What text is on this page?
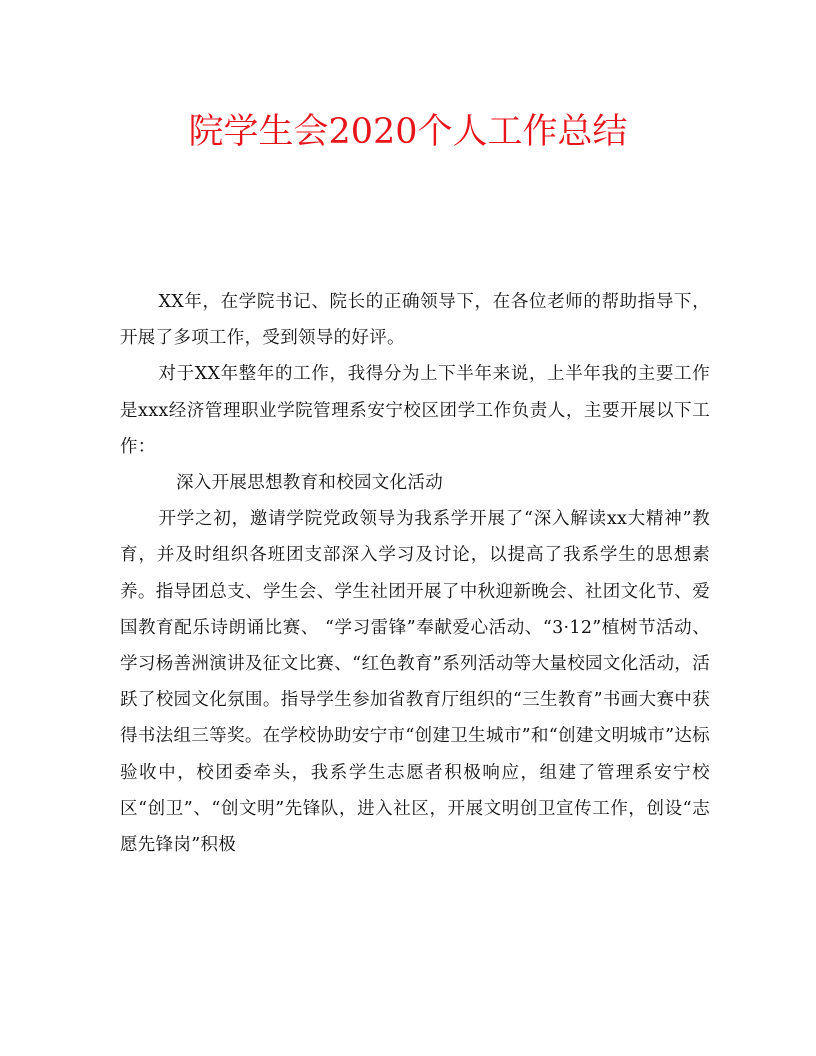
院学生会2020个人工作总结

XX年，在学院书记、院长的正确领导下，在各位老师的帮助指导下，开展了多项工作，受到领导的好评。

对于XX年整年的工作，我得分为上下半年来说，上半年我的主要工作是xxx经济管理职业学院管理系安宁校区团学工作负责人，主要开展以下工作：

深入开展思想教育和校园文化活动

开学之初，邀请学院党政领导为我系学开展了“深入解读xx大精神”教育，并及时组织各班团支部深入学习及讨论，以提高了我系学生的思想素养。指导团总支、学生会、学生社团开展了中秋迎新晚会、社团文化节、爱国教育配乐诗朗诵比赛、 “学习雷锋”奉献爱心活动、“3·12”植树节活动、学习杨善洲演讲及征文比赛、“红色教育”系列活动等大量校园文化活动，活跃了校园文化氛围。指导学生参加省教育厅组织的“三生教育”书画大赛中获得书法组三等奖。在学校协助安宁市“创建卫生城市”和“创建文明城市”达标验收中，校团委牵头，我系学生志愿者积极响应，组建了管理系安宁校区“创卫”、“创文明”先锋队，进入社区，开展文明创卫宣传工作，创设“志愿先锋岗”积极
